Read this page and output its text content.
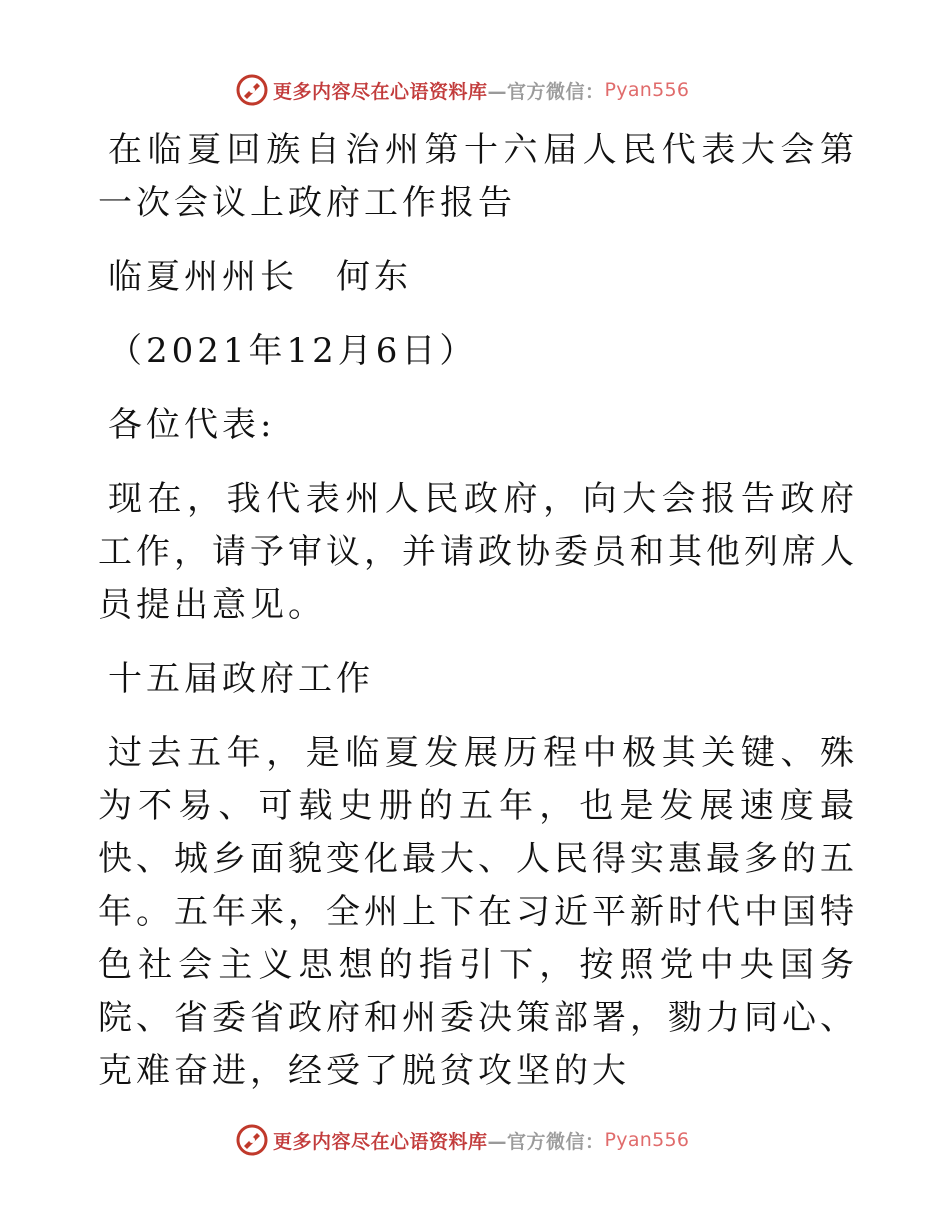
更多内容尽在心语资料库 —官方微信： Pyan556

在临夏回族自治州第十六届人民代表大会第一次会议上政府工作报告

临夏州州长　何东

（2021年12月6日）

各位代表:

现在，我代表州人民政府，向大会报告政府工作，请予审议，并请政协委员和其他列席人员提出意见。

十五届政府工作

过去五年，是临夏发展历程中极其关键、殊为不易、可载史册的五年，也是发展速度最快、城乡面貌变化最大、人民得实惠最多的五年。五年来，全州上下在习近平新时代中国特色社会主义思想的指引下，按照党中央国务院、省委省政府和州委决策部署，勠力同心、克难奋进，经受了脱贫攻坚的大

更多内容尽在心语资料库 —官方微信： Pyan556
